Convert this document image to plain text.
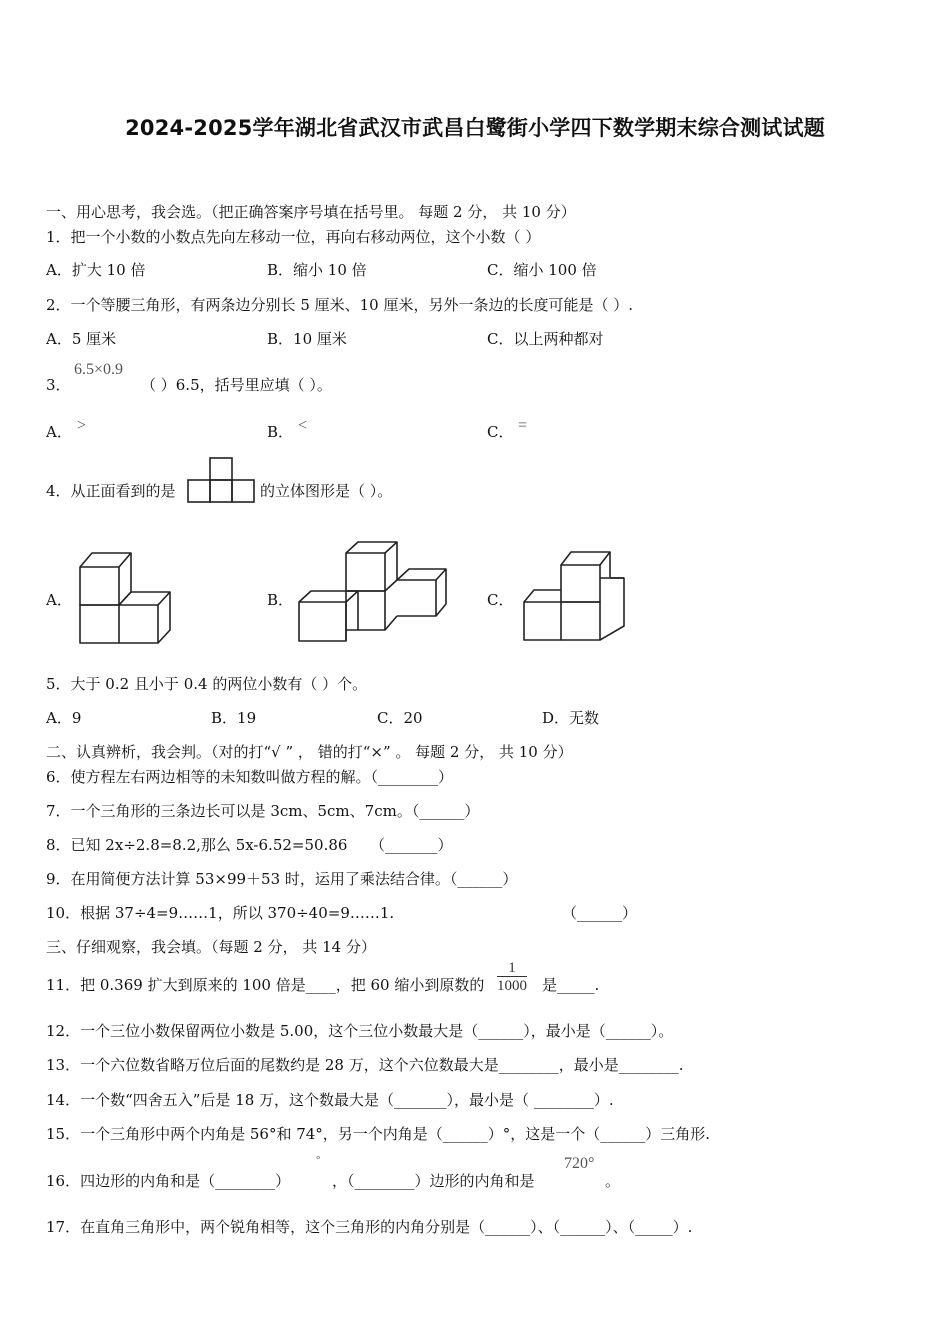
2024-2025学年湖北省武汉市武昌白鹭街小学四下数学期末综合测试试题
一、用心思考，我会选。（把正确答案序号填在括号里。 每题 2 分， 共 10 分）
1．把一个小数的小数点先向左移动一位，再向右移动两位，这个小数（ ）
A．扩大 10 倍	B．缩小 10 倍	C．缩小 100 倍
2．一个等腰三角形，有两条边分别长 5 厘米、10 厘米，另外一条边的长度可能是（ ）.
A．5 厘米	B．10 厘米	C．以上两种都对
3．
6.5×0.9
（ ）6.5，括号里应填（ ）。
A． >	B． <	C． =
4．从正面看到的是	的立体图形是（ ）。
A．	B．	C．
5．大于 0.2 且小于 0.4 的两位小数有（ ）个。
A．9	B．19	C．20	D．无数
二、认真辨析，我会判。（对的打“√ ” ， 错的打“×” 。 每题 2 分， 共 10 分）
6．使方程左右两边相等的未知数叫做方程的解。（________）
7．一个三角形的三条边长可以是 3cm、5cm、7cm。（______）
8．已知 2x÷2.8=8.2,那么 5x-6.52=50.86 （_______）
9．在用简便方法计算 53×99＋53 时，运用了乘法结合律。（______）
10．根据 37÷4=9……1，所以 370÷40=9……1.	（______）
三、仔细观察，我会填。（每题 2 分， 共 14 分）
11．把 0.369 扩大到原来的 100 倍是____，把 60 缩小到原数的 $\frac{1}{1000}$ 是_____.
12．一个三位小数保留两位小数是 5.00，这个三位小数最大是（______），最小是（______）。
13．一个六位数省略万位后面的尾数约是 28 万，这个六位数最大是________，最小是________.
14．一个数“四舍五入”后是 18 万，这个数最大是（_______），最小是（ ________）.
15．一个三角形中两个内角是 56°和 74°，另一个内角是（______）°，这是一个（______）三角形.
16．四边形的内角和是（________）
°
，（________）边形的内角和是
720°
。
17．在直角三角形中，两个锐角相等，这个三角形的内角分别是（______）、（______）、（_____）.
